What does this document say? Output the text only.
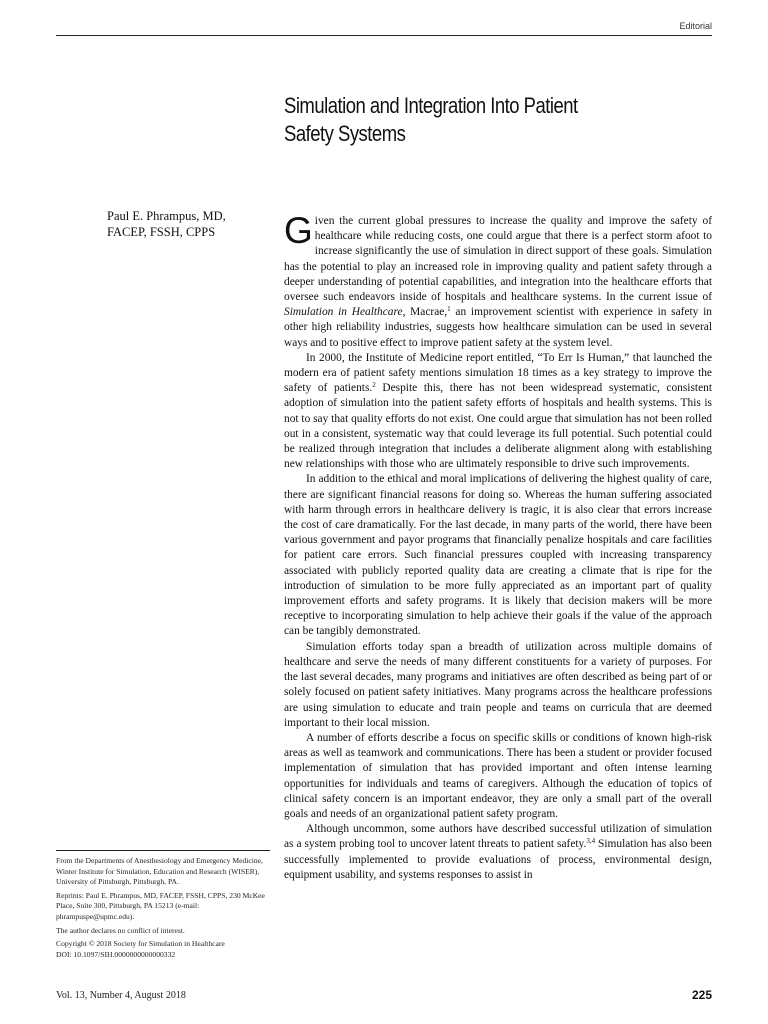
Editorial
Simulation and Integration Into Patient
Safety Systems
Paul E. Phrampus, MD,
FACEP, FSSH, CPPS	Given the current global pressures to increase the quality and improve the safety of healthcare while reducing costs, one could argue that there is a perfect storm afoot to increase significantly the use of simulation in direct support of these goals. Simulation has the potential to play an increased role in improving quality and patient safety through a deeper understanding of potential capabilities, and integration into the healthcare efforts that oversee such endeavors inside of hospitals and healthcare systems. In the current issue of Simulation in Healthcare, Macrae,$^1$ an improvement scientist with experience in safety in other high reliability industries, suggests how healthcare simulation can be used in several ways and to positive effect to improve patient safety at the system level.

In 2000, the Institute of Medicine report entitled, “To Err Is Human,” that launched the modern era of patient safety mentions simulation 18 times as a key strategy to improve the safety of patients.$^2$ Despite this, there has not been widespread systematic, consistent adoption of simulation into the patient safety efforts of hospitals and health systems. This is not to say that quality efforts do not exist. One could argue that simulation has not been rolled out in a consistent, systematic way that could leverage its full potential. Such potential could be realized through integration that includes a deliberate alignment along with establishing new relationships with those who are ultimately responsible to drive such improvements.

In addition to the ethical and moral implications of delivering the highest quality of care, there are significant financial reasons for doing so. Whereas the human suffering associated with harm through errors in healthcare delivery is tragic, it is also clear that errors increase the cost of care dramatically. For the last decade, in many parts of the world, there have been various government and payor programs that financially penalize hospitals and care facilities for patient care errors. Such financial pressures coupled with increasing transparency associated with publicly reported quality data are creating a climate that is ripe for the introduction of simulation to be more fully appreciated as an important part of quality improvement efforts and safety programs. It is likely that decision makers will be more receptive to incorporating simulation to help achieve their goals if the value of the approach can be tangibly demonstrated.

Simulation efforts today span a breadth of utilization across multiple domains of healthcare and serve the needs of many different constituents for a variety of purposes. For the last several decades, many programs and initiatives are often described as being part of or solely focused on patient safety initiatives. Many programs across the healthcare professions are using simulation to educate and train people and teams on curricula that are deemed important to their local mission.

A number of efforts describe a focus on specific skills or conditions of known high-risk areas as well as teamwork and communications. There has been a student or provider focused implementation of simulation that has provided important and often intense learning opportunities for individuals and teams of caregivers. Although the education of topics of clinical safety concern is an important endeavor, they are only a small part of the overall goals and needs of an organizational patient safety program.

Although uncommon, some authors have described successful utilization of simulation as a system probing tool to uncover latent threats to patient safety.$^{3,4}$ Simulation has also been successfully implemented to provide evaluations of process, environmental design, equipment usability, and systems responses to assist in

From the Departments of Anesthesiology and Emergency Medicine, Winter Institute for Simulation, Education and Research (WISER), University of Pittsburgh, Pittsburgh, PA.

Reprints: Paul E. Phrampus, MD, FACEP, FSSH, CPPS, 230 McKee Place, Suite 300, Pittsburgh, PA 15213 (e-mail: phrampuspe@upmc.edu).

The author declares no conflict of interest.

Copyright © 2018 Society for Simulation in Healthcare

DOI: 10.1097/SIH.0000000000000332

Vol. 13, Number 4, August 2018	225
